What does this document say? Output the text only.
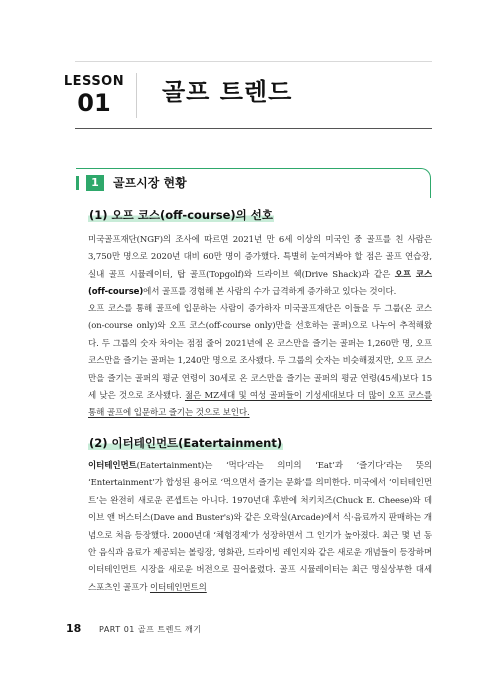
LESSON
01	골프 트렌드
1	골프시장 현황
(1) 오프 코스(off-course)의 선호
미국골프재단(NGF)의 조사에 따르면 2021년 만 6세 이상의 미국인 중 골프를 친 사람은 3,750만 명으로 2020년 대비 60만 명이 증가했다. 특별히 눈여겨봐야 할 점은 골프 연습장, 실내 골프 시뮬레이터, 탑 골프(Topgolf)와 드라이브 쉑(Drive Shack)과 같은 오프 코스(off-course)에서 골프를 경험해 본 사람의 수가 급격하게 증가하고 있다는 것이다.
오프 코스를 통해 골프에 입문하는 사람이 증가하자 미국골프재단은 이들을 두 그룹(온 코스(on-course only)와 오프 코스(off-course only)만을 선호하는 골퍼)으로 나누어 추적해왔다. 두 그룹의 숫자 차이는 점점 줄어 2021년에 온 코스만을 즐기는 골퍼는 1,260만 명, 오프 코스만을 즐기는 골퍼는 1,240만 명으로 조사됐다. 두 그룹의 숫자는 비슷해졌지만, 오프 코스만을 즐기는 골퍼의 평균 연령이 30세로 온 코스만을 즐기는 골퍼의 평균 연령(45세)보다 15세 낮은 것으로 조사됐다. 젊은 MZ세대 및 여성 골퍼들이 기성세대보다 더 많이 오프 코스를 통해 골프에 입문하고 즐기는 것으로 보인다.
(2) 이터테인먼트(Eatertainment)
이터테인먼트(Eatertainment)는 ‘먹다’라는 의미의 ‘Eat’과 ‘즐기다’라는 뜻의 ‘Entertainment’가 합성된 용어로 ‘먹으면서 즐기는 문화’를 의미한다. 미국에서 ‘이터테인먼트’는 완전히 새로운 콘셉트는 아니다. 1970년대 후반에 처키치즈(Chuck E. Cheese)와 데이브 앤 버스터스(Dave and Buster's)와 같은 오락실(Arcade)에서 식·음료까지 판매하는 개념으로 처음 등장했다. 2000년대 ‘체험경제’가 성장하면서 그 인기가 높아졌다. 최근 몇 년 동안 음식과 음료가 제공되는 볼링장, 영화관, 드라이빙 레인지와 같은 새로운 개념들이 등장하며 이터테인먼트 시장을 새로운 버전으로 끌어올렸다. 골프 시뮬레이터는 최근 명실상부한 대세 스포츠인 골프가 이터테인먼트의
18 PART 01 골프 트렌드 깨기
